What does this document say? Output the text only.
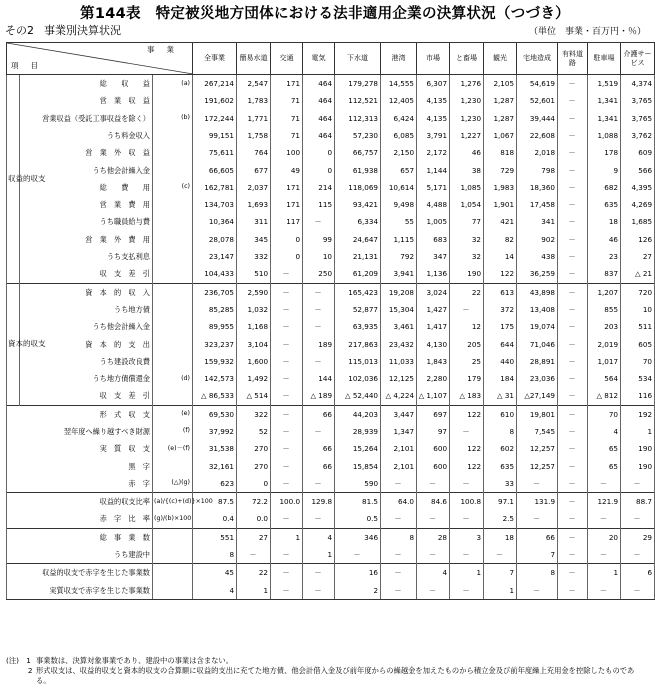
第144表　特定被災地方団体における法非適用企業の決算状況（つづき）
その2 事業別決算状況	（単位　事業・百万円・％）
事業
項目			全事業	簡易水道	交通	電気	下水道	港湾	市場	と畜場	観光	宅地造成	有料道路	駐車場	介護サービス
収益的収支	総　　収　　益	(a)	267,214	2,547	171	464	179,278	14,555	6,307	1,276	2,105	54,619	－	1,519	4,374
	営　業　収　益		191,602	1,783	71	464	112,521	12,405	4,135	1,230	1,287	52,601	－	1,341	3,765
	営業収益（受託工事収益を除く）	(b)	172,244	1,771	71	464	112,313	6,424	4,135	1,230	1,287	39,444	－	1,341	3,765
	うち料金収入		99,151	1,758	71	464	57,230	6,085	3,791	1,227	1,067	22,608	－	1,088	3,762
	営　業　外　収　益		75,611	764	100	0	66,757	2,150	2,172	46	818	2,018	－	178	609
	うち他会計繰入金		66,605	677	49	0	61,938	657	1,144	38	729	798	－	9	566
	総　　費　　用	(c)	162,781	2,037	171	214	118,069	10,614	5,171	1,085	1,983	18,360	－	682	4,395
	営　業　費　用		134,703	1,693	171	115	93,421	9,498	4,488	1,054	1,901	17,458	－	635	4,269
	うち職員給与費		10,364	311	117	－	6,334	55	1,005	77	421	341	－	18	1,685
	営　業　外　費　用		28,078	345	0	99	24,647	1,115	683	32	82	902	－	46	126
	うち支払利息		23,147	332	0	10	21,131	792	347	32	14	438	－	23	27
	収　支　差　引		104,433	510	－	250	61,209	3,941	1,136	190	122	36,259	－	837	△ 21
資本的収支	資　本　的　収　入		236,705	2,590	－	－	165,423	19,208	3,024	22	613	43,898	－	1,207	720
	うち地方債		85,285	1,032	－	－	52,877	15,304	1,427	－	372	13,408	－	855	10
	うち他会計繰入金		89,955	1,168	－	－	63,935	3,461	1,417	12	175	19,074	－	203	511
	資　本　的　支　出		323,237	3,104	－	189	217,863	23,432	4,130	205	644	71,046	－	2,019	605
	うち建設改良費		159,932	1,600	－	－	115,013	11,033	1,843	25	440	28,891	－	1,017	70
	うち地方債償還金	(d)	142,573	1,492	－	144	102,036	12,125	2,280	179	184	23,036	－	564	534
	収　支　差　引		△ 86,533	△ 514	－	△ 189	△ 52,440	△ 4,224	△ 1,107	△ 183	△ 31	△27,149	－	△ 812	116
形　式　収　支		(e)	69,530	322	－	66	44,203	3,447	697	122	610	19,801	－	70	192
翌年度へ繰り越すべき財源		(f)	37,992	52	－	－	28,939	1,347	97	－	8	7,545	－	4	1
実　質　収　支		(e)－(f)	31,538	270	－	66	15,264	2,101	600	122	602	12,257	－	65	190
黒　字			32,161	270	－	66	15,854	2,101	600	122	635	12,257	－	65	190
赤　字		(△)(g)	623	0	－	－	590	－	－	－	33	－	－	－	－
収益的収支比率		(a)/{(c)+(d)}×100	87.5	72.2	100.0	129.8	81.5	64.0	84.6	100.8	97.1	131.9	－	121.9	88.7
赤　字　比　率		(g)/(b)×100	0.4	0.0	－	－	0.5	－	－	－	2.5	－	－	－	－
総　事　業　数			551	27	1	4	346	8	28	3	18	66	－	20	29
うち建設中			8	－	－	1	－	－	－	－	－	7	－	－	－
収益的収支で赤字を生じた事業数			45	22	－	－	16	－	4	1	7	8	－	1	6
実質収支で赤字を生じた事業数			4	1	－	－	2	－	－	－	1	－	－	－	－
(注)　1 事業数は、決算対象事業であり、建設中の事業は含まない。
　　　2 形式収支は、収益的収支と資本的収支の合算額に収益的支出に充てた地方債、他会計借入金及び前年度からの繰越金を加えたものから積立金及び前年度繰上充用金を控除したものである。
